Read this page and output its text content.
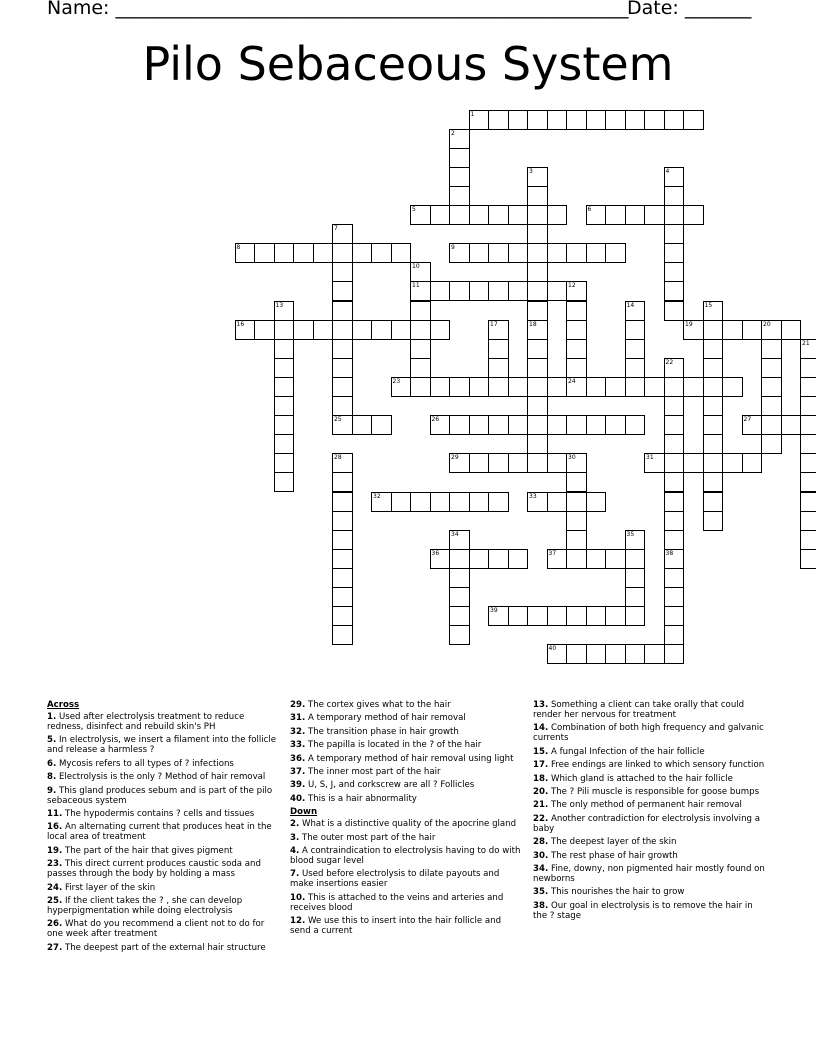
Name: ______________________________________________________
Date: _______
Pilo Sebaceous System
1
2
3
18
4
5	6
7
25
8	9
10
11	12
24
13	14	15
16	17	19	20
21
22
23
26	27
28	29	30	31
32	33
34	35
36	37	38
39
40
Across
1. Used after electrolysis treatment to reduce redness, disinfect and rebuild skin's PH
5. In electrolysis, we insert a filament into the follicle and release a harmless ?
6. Mycosis refers to all types of ? infections
8. Electrolysis is the only ? Method of hair removal
9. This gland produces sebum and is part of the pilo sebaceous system
11. The hypodermis contains ? cells and tissues
16. An alternating current that produces heat in the local area of treatment
19. The part of the hair that gives pigment
23. This direct current produces caustic soda and passes through the body by holding a mass
24. First layer of the skin
25. If the client takes the ? , she can develop hyperpigmentation while doing electrolysis
26. What do you recommend a client not to do for one week after treatment
27. The deepest part of the external hair structure
29. The cortex gives what to the hair
31. A temporary method of hair removal
32. The transition phase in hair growth
33. The papilla is located in the ? of the hair
36. A temporary method of hair removal using light
37. The inner most part of the hair
39. U, S, J, and corkscrew are all ? Follicles
40. This is a hair abnormality
Down
2. What is a distinctive quality of the apocrine gland
3. The outer most part of the hair
4. A contraindication to electrolysis having to do with blood sugar level
7. Used before electrolysis to dilate payouts and make insertions easier
10. This is attached to the veins and arteries and receives blood
12. We use this to insert into the hair follicle and send a current
13. Something a client can take orally that could render her nervous for treatment
14. Combination of both high frequency and galvanic currents
15. A fungal Infection of the hair follicle
17. Free endings are linked to which sensory function
18. Which gland is attached to the hair follicle
20. The ? Pili muscle is responsible for goose bumps
21. The only method of permanent hair removal
22. Another contradiction for electrolysis involving a baby
28. The deepest layer of the skin
30. The rest phase of hair growth
34. Fine, downy, non pigmented hair mostly found on newborns
35. This nourishes the hair to grow
38. Our goal in electrolysis is to remove the hair in the ? stage
